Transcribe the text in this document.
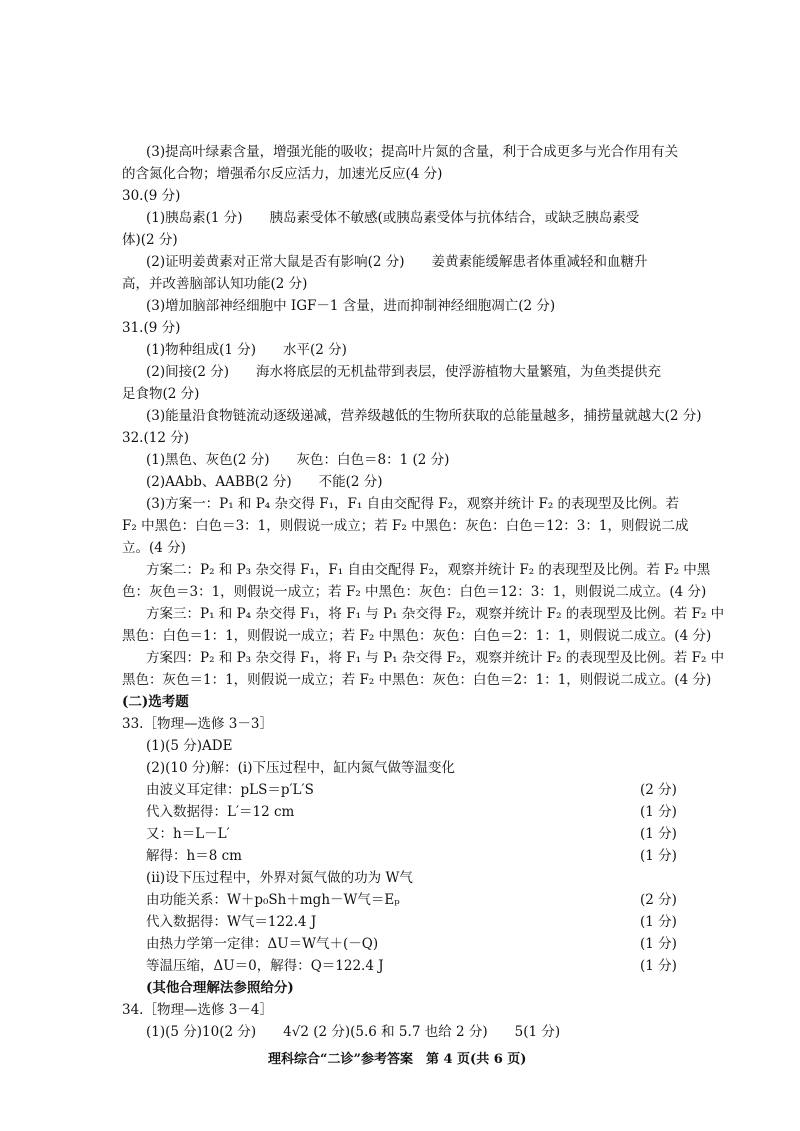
(3)提高叶绿素含量，增强光能的吸收；提高叶片氮的含量，利于合成更多与光合作用有关
的含氮化合物；增强希尔反应活力，加速光反应(4 分)
30.(9 分)
(1)胰岛素(1 分)　　胰岛素受体不敏感(或胰岛素受体与抗体结合，或缺乏胰岛素受
体)(2 分)
(2)证明姜黄素对正常大鼠是否有影响(2 分)　　姜黄素能缓解患者体重减轻和血糖升
高，并改善脑部认知功能(2 分)
(3)增加脑部神经细胞中 IGF－1 含量，进而抑制神经细胞凋亡(2 分)
31.(9 分)
(1)物种组成(1 分)　　水平(2 分)
(2)间接(2 分)　　海水将底层的无机盐带到表层，使浮游植物大量繁殖，为鱼类提供充
足食物(2 分)
(3)能量沿食物链流动逐级递减，营养级越低的生物所获取的总能量越多，捕捞量就越大(2 分)
32.(12 分)
(1)黑色、灰色(2 分)　　灰色：白色＝8：1 (2 分)
(2)AAbb、AABB(2 分)　　不能(2 分)
(3)方案一：P₁ 和 P₄ 杂交得 F₁，F₁ 自由交配得 F₂，观察并统计 F₂ 的表现型及比例。若
F₂ 中黑色：白色＝3：1，则假说一成立；若 F₂ 中黑色：灰色：白色＝12：3：1，则假说二成
立。(4 分)
方案二：P₂ 和 P₃ 杂交得 F₁，F₁ 自由交配得 F₂，观察并统计 F₂ 的表现型及比例。若 F₂ 中黑
色：灰色＝3：1，则假说一成立；若 F₂ 中黑色：灰色：白色＝12：3：1，则假说二成立。(4 分)
方案三：P₁ 和 P₄ 杂交得 F₁，将 F₁ 与 P₁ 杂交得 F₂，观察并统计 F₂ 的表现型及比例。若 F₂ 中
黑色：白色＝1：1，则假说一成立；若 F₂ 中黑色：灰色：白色＝2：1：1，则假说二成立。(4 分)
方案四：P₂ 和 P₃ 杂交得 F₁，将 F₁ 与 P₁ 杂交得 F₂，观察并统计 F₂ 的表现型及比例。若 F₂ 中
黑色：灰色＝1：1，则假说一成立；若 F₂ 中黑色：灰色：白色＝2：1：1，则假说二成立。(4 分)
(二)选考题
33.［物理—选修 3－3］
(1)(5 分)ADE
(2)(10 分)解：(i)下压过程中，缸内氮气做等温变化
由波义耳定律：pLS＝p′L′S
代入数据得：L′＝12 cm
又：h＝L－L′
解得：h＝8 cm
(ii)设下压过程中，外界对氮气做的功为 W气
由功能关系：W＋p₀Sh＋mgh－W气＝Eₚ
代入数据得：W气＝122.4 J
由热力学第一定律：ΔU＝W气＋(－Q)
等温压缩，ΔU＝0，解得：Q＝122.4 J
(其他合理解法参照给分)
(2 分)
(1 分)
(1 分)
(1 分)
(2 分)
(1 分)
(1 分)
(1 分)
34.［物理—选修 3－4］
(1)(5 分)10(2 分)　　4√2 (2 分)(5.6 和 5.7 也给 2 分)　　5(1 分)
理科综合“二诊”参考答案　第 4 页(共 6 页)
